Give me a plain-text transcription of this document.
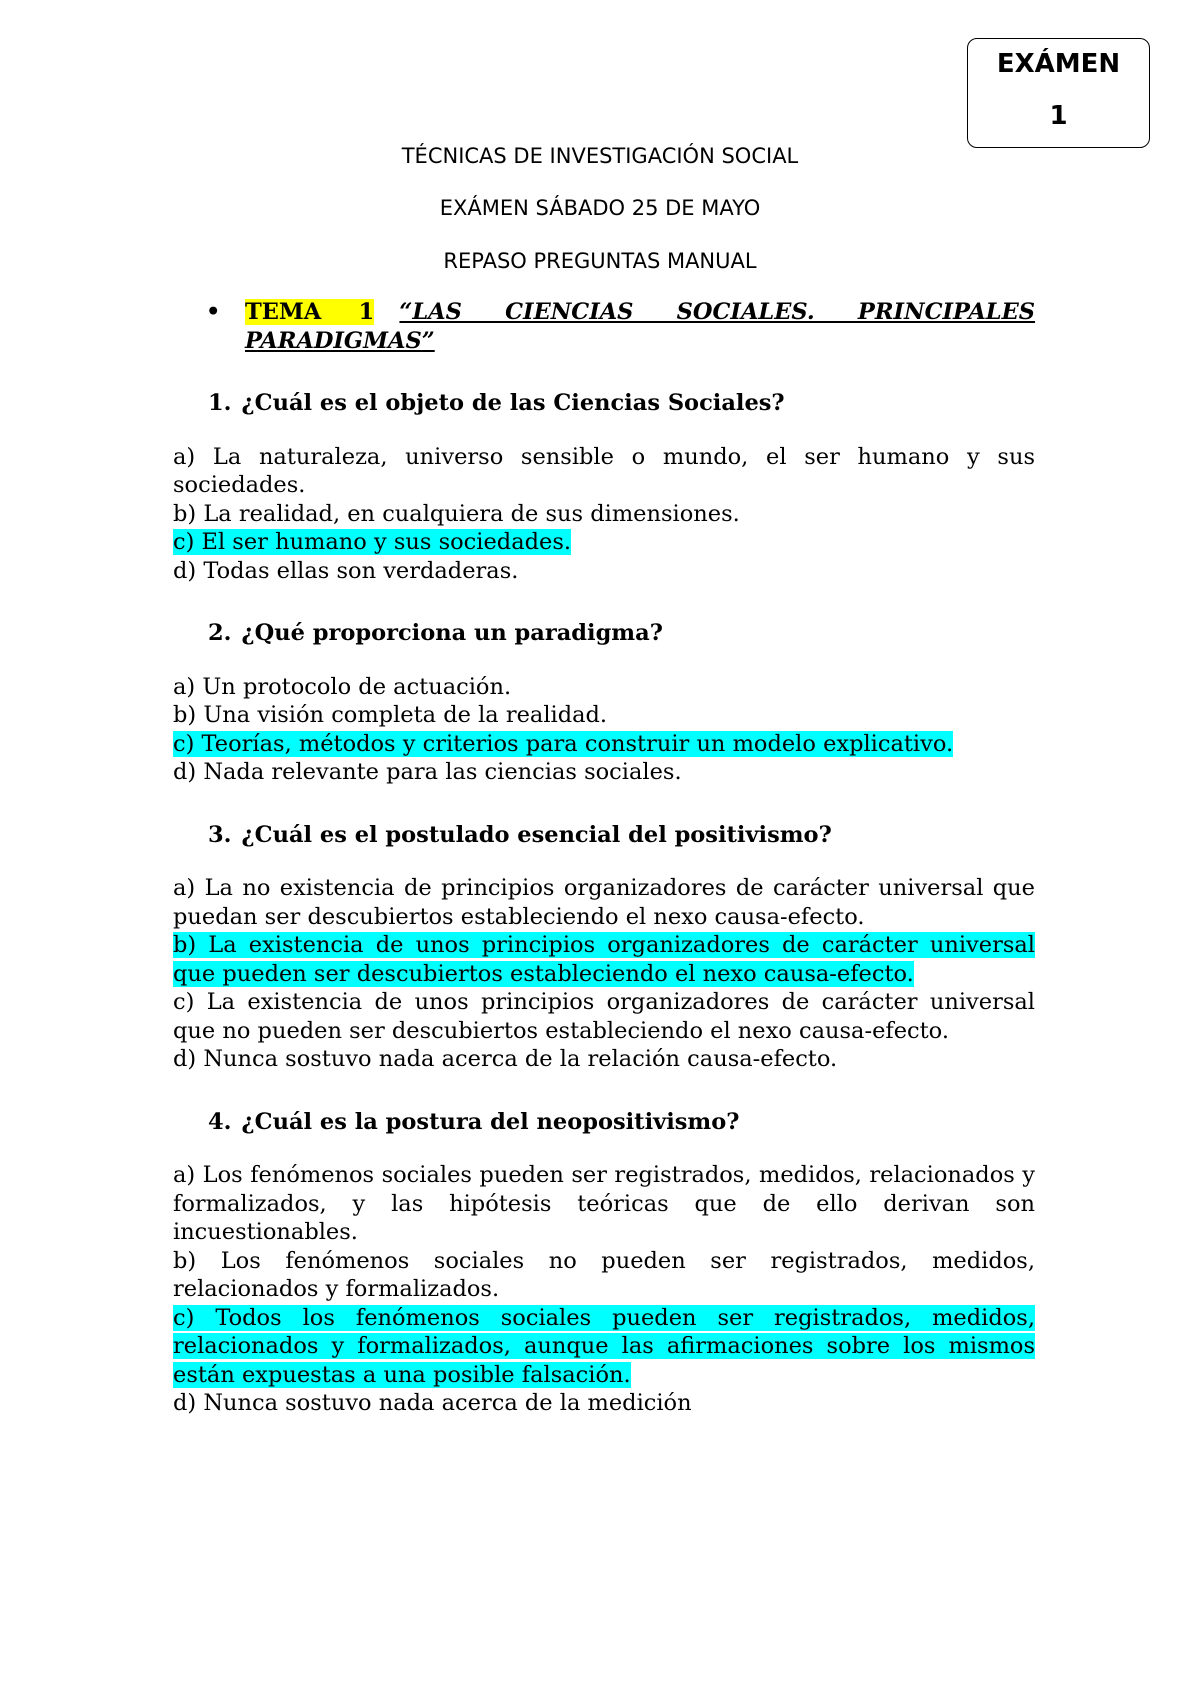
EXÁMEN
1
TÉCNICAS DE INVESTIGACIÓN SOCIAL
EXÁMEN SÁBADO 25 DE MAYO
REPASO PREGUNTAS MANUAL
• TEMA 1 “LAS CIENCIAS SOCIALES. PRINCIPALES PARADIGMAS”
1. ¿Cuál es el objeto de las Ciencias Sociales?

a) La naturaleza, universo sensible o mundo, el ser humano y sus sociedades.

b) La realidad, en cualquiera de sus dimensiones.

c) El ser humano y sus sociedades.

d) Todas ellas son verdaderas.

2. ¿Qué proporciona un paradigma?

a) Un protocolo de actuación.

b) Una visión completa de la realidad.

c) Teorías, métodos y criterios para construir un modelo explicativo.

d) Nada relevante para las ciencias sociales.

3. ¿Cuál es el postulado esencial del positivismo?

a) La no existencia de principios organizadores de carácter universal que puedan ser descubiertos estableciendo el nexo causa-efecto.

b) La existencia de unos principios organizadores de carácter universal que pueden ser descubiertos estableciendo el nexo causa-efecto.

c) La existencia de unos principios organizadores de carácter universal que no pueden ser descubiertos estableciendo el nexo causa-efecto.

d) Nunca sostuvo nada acerca de la relación causa-efecto.

4. ¿Cuál es la postura del neopositivismo?

a) Los fenómenos sociales pueden ser registrados, medidos, relacionados y formalizados, y las hipótesis teóricas que de ello derivan son incuestionables.

b) Los fenómenos sociales no pueden ser registrados, medidos, relacionados y formalizados.

c) Todos los fenómenos sociales pueden ser registrados, medidos, relacionados y formalizados, aunque las afirmaciones sobre los mismos están expuestas a una posible falsación.

d) Nunca sostuvo nada acerca de la medición
